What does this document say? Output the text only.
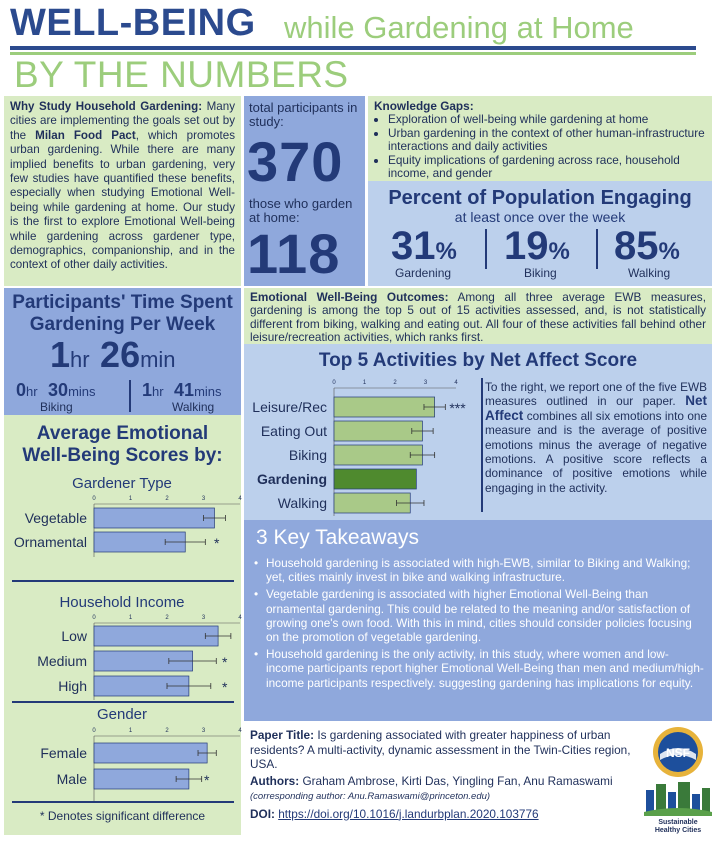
WELL-BEING while Gardening at Home
BY THE NUMBERS
Why Study Household Gardening: Many cities are implementing the goals set out by the Milan Food Pact, which promotes urban gardening. While there are many implied benefits to urban gardening, very few studies have quantified these benefits, especially when studying Emotional Well-being while gardening at home. Our study is the first to explore Emotional Well-being while gardening across gardener type, demographics, companionship, and in the context of other daily activities.
total participants in study:
370
those who garden at home:
118
Knowledge Gaps:
• Exploration of well-being while gardening at home
• Urban gardening in the context of other human-infrastructure interactions and daily activities
• Equity implications of gardening across race, household income, and gender
Percent of Population Engaging
at least once over the week
31%
Gardening
19%
Biking
85%
Walking
Participants' Time Spent
Gardening Per Week
1hr 26min
0hr 30mins
Biking
1hr 41mins
Walking
Average Emotional
Well-Being Scores by:
Gardener Type
0	1	2	3	4
Vegetable
Ornamental	*
Household Income
0	1	2	3	4
Low
Medium	*
High	*
Gender
0	1	2	3	4
Female
Male	*
* Denotes significant difference
Emotional Well-Being Outcomes: Among all three average EWB measures, gardening is among the top 5 out of 15 activities assessed, and, is not statistically different from biking, walking and eating out. All four of these activities fall behind other leisure/recreation activities, which ranks first.
Top 5 Activities by Net Affect Score
0	1	2	3	4
Leisure/Rec	***
Eating Out
Biking
Gardening
Walking
To the right, we report one of the five EWB measures outlined in our paper. Net Affect combines all six emotions into one measure and is the average of positive emotions minus the average of negative emotions. A positive score reflects a dominance of positive emotions while engaging in the activity.
3 Key Takeaways
• Household gardening is associated with high-EWB, similar to Biking and Walking; yet, cities mainly invest in bike and walking infrastructure.
• Vegetable gardening is associated with higher Emotional Well-Being than ornamental gardening. This could be related to the meaning and/or satisfaction of growing one's own food. With this in mind, cities should consider policies focusing on the promotion of vegetable gardening.
• Household gardening is the only activity, in this study, where women and low-income participants report higher Emotional Well-Being than men and medium/high-income participants respectively. suggesting gardening has implications for equity.
Paper Title: Is gardening associated with greater happiness of urban residents? A multi-activity, dynamic assessment in the Twin-Cities region, USA.
Authors: Graham Ambrose, Kirti Das, Yingling Fan, Anu Ramaswami (corresponding author: Anu.Ramaswami@princeton.edu)
DOI: https://doi.org/10.1016/j.landurbplan.2020.103776
NSF
Sustainable
Healthy Cities
